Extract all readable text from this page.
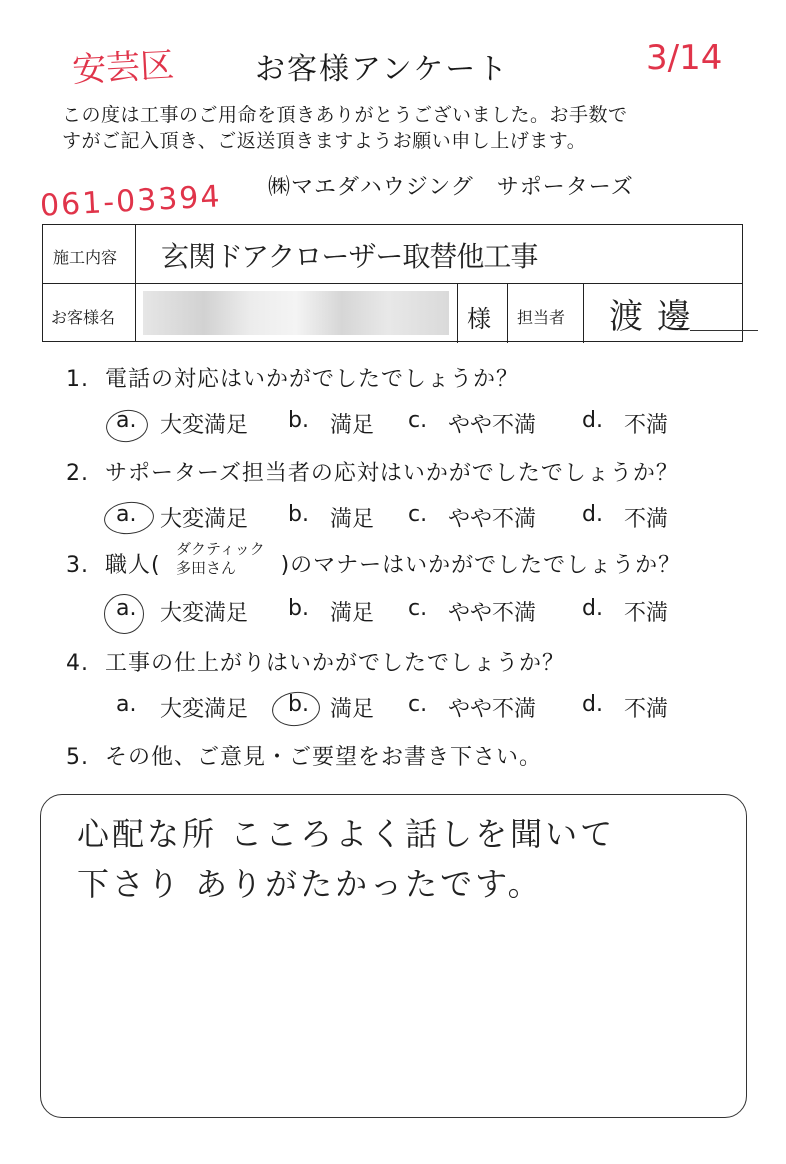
安芸区	お客様アンケート	3/14
この度は工事のご用命を頂きありがとうございました。お手数で
すがご記入頂き、ご返送頂きますようお願い申し上げます。
061-03394 ㈱マエダハウジング　サポーターズ
施工内容 玄関ドアクローザー取替他工事
お客様名	様 担当者 渡邊
1. 電話の対応はいかがでしたでしょうか？
a. 大変満足 b. 満足 c. やや不満 d. 不満
2. サポーターズ担当者の応対はいかがでしたでしょうか？
a. 大変満足 b. 満足 c. やや不満 d. 不満
3. 職人(	)のマナーはいかがでしたでしょうか？
ダクティック 多田さん
a. 大変満足 b. 満足 c. やや不満 d. 不満
4. 工事の仕上がりはいかがでしたでしょうか？
a. 大変満足 b. 満足 c. やや不満 d. 不満
5. その他、ご意見・ご要望をお書き下さい。
心配な所 こころよく話しを聞いて
下さり ありがたかったです。
